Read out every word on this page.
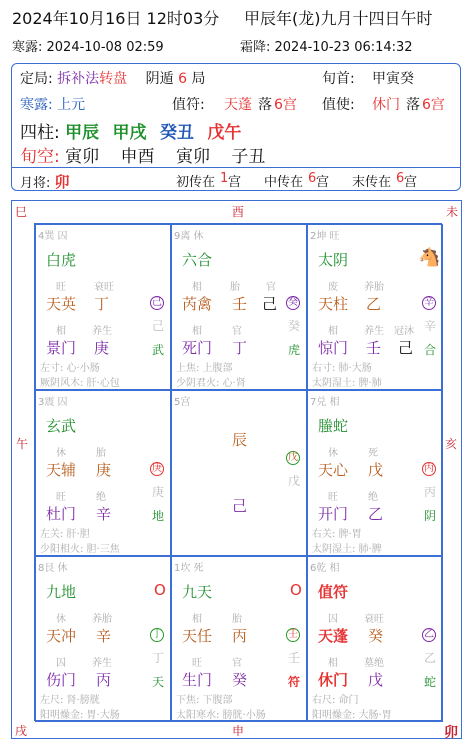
2024年10月16日 12时03分 甲辰年(龙)九月十四日午时
寒露: 2024-10-08 02:59	霜降: 2024-10-23 06:14:32
定局: 拆补法转盘 阴遁 6 局	旬首: 甲寅癸
寒露: 上元	值符: 天蓬 落 6宫 值使: 休门 落 6宫
四柱: 甲辰 甲戌 癸丑 戊午
旬空: 寅卯 申酉 寅卯 子丑
月将: 卯	初传在 1 宫 中传在 6 宫 末传在 6 宫
巳	酉	未
午	亥
戌	申	卯
4巽 囚
白虎
旺	衰旺
天英 丁	己
己
相	养生
景门 庚	武
左寸: 心·小肠
厥阴风木: 肝·心包
9离 休
六合
相	胎	官
芮禽 壬 己 癸
癸
相	官
死门 丁	虎
上焦: 上腹部
少阴君火: 心·肾
2坤 旺
太阴	🐴
废	养胎
天柱 乙	辛
辛
相	养生 冠沐
惊门 壬 己 合
右寸: 肺·大肠
太阴湿土: 脾·肺
3震 囚
玄武
休	胎
天辅 庚	庚
庚
旺	绝
杜门 辛	地
左关: 肝·胆
少阳相火: 胆·三焦
5宫
辰
戊
戊
己
7兑 相
螣蛇
休	死
天心 戊	丙
丙
旺	绝
开门 乙	阴
右关: 脾·胃
太阴湿土: 肺·脾
8艮 休
九地	O
休	养胎
天冲 辛	丁
丁
囚	养生
伤门 丙	天
左尺: 肾·膀胱
阳明燥金: 胃·大肠
1坎 死
九天	O
相	胎
天任 丙	壬
壬
旺	官
生门 癸	符
下焦: 下腹部
太阳寒水: 膀胱·小肠
6乾 相
值符
囚	衰旺
天蓬 癸	乙
乙
相	墓绝
休门 戊	蛇
右尺: 命门
阳明燥金: 大肠·胃
